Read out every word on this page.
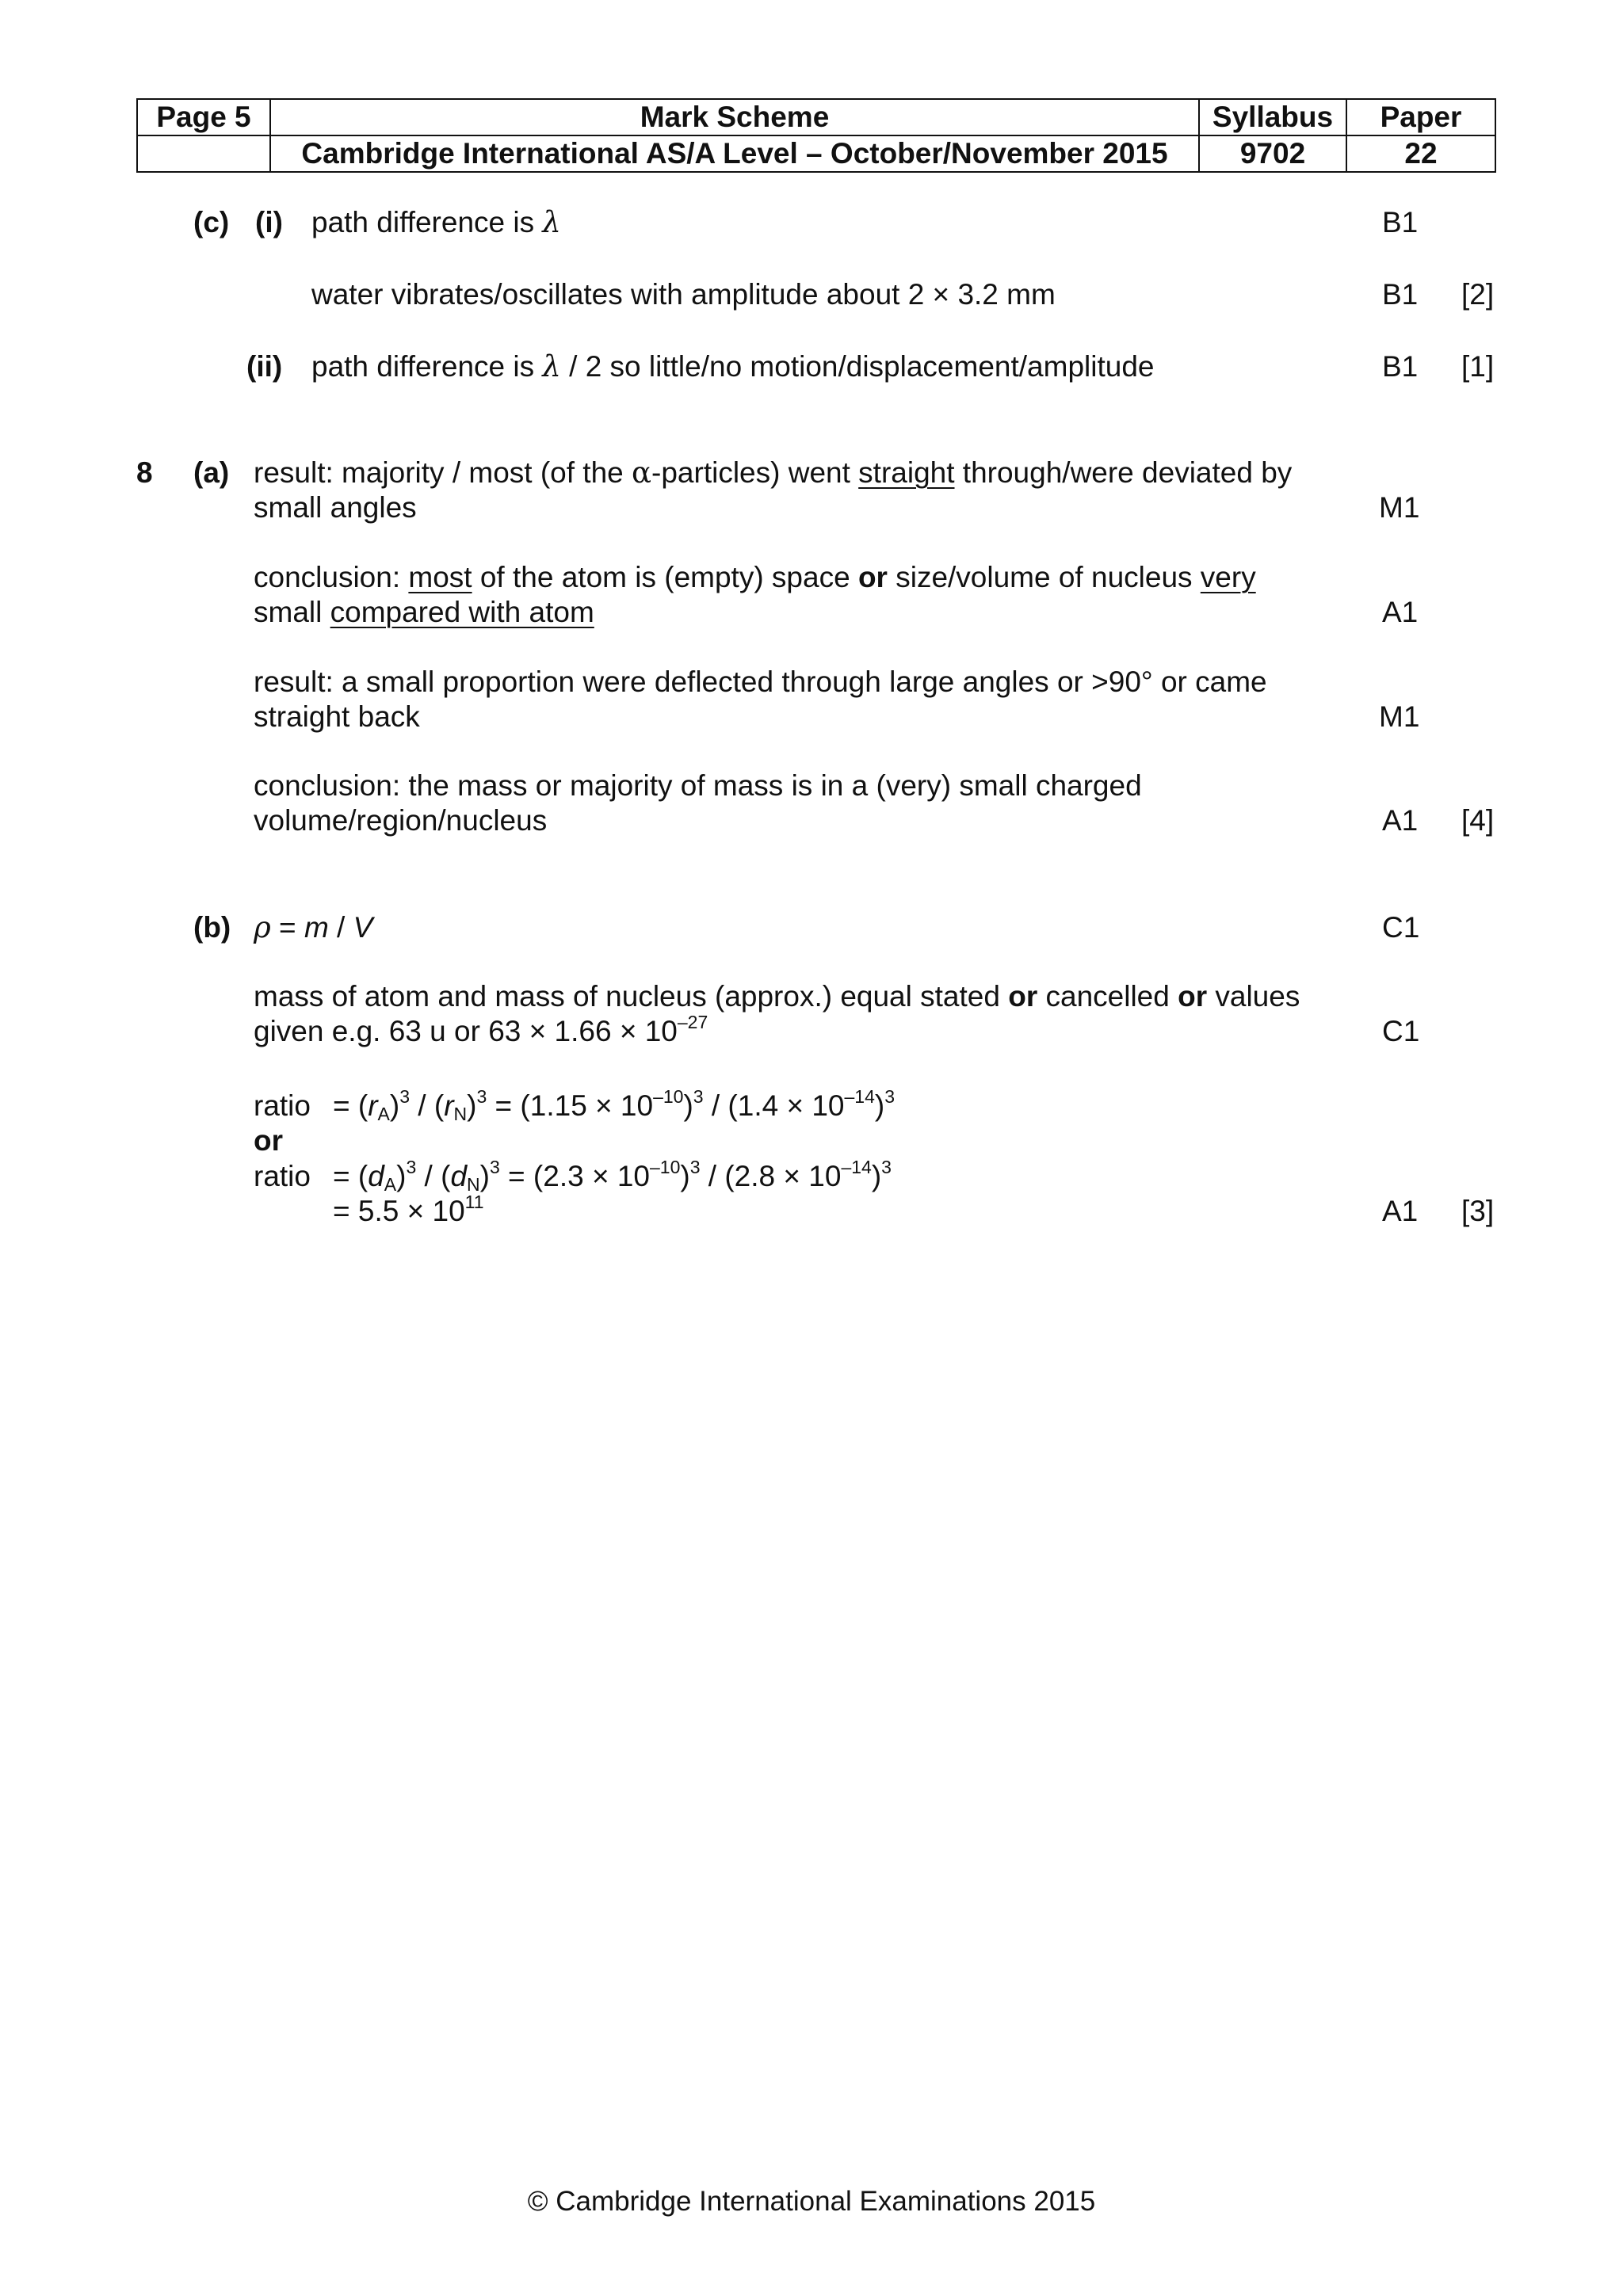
Page 5	Mark Scheme	Syllabus	Paper
	Cambridge International AS/A Level – October/November 2015	9702	22
(c) (i) path difference is λ	B1
water vibrates/oscillates with amplitude about 2 × 3.2 mm	B1 [2]
(ii) path difference is λ / 2 so little/no motion/displacement/amplitude	B1 [1]
8 (a) result: majority / most (of the α-particles) went straight through/were deviated by
small angles	M1
conclusion: most of the atom is (empty) space or size/volume of nucleus very
small compared with atom	A1
result: a small proportion were deflected through large angles or >90° or came
straight back	M1
conclusion: the mass or majority of mass is in a (very) small charged
volume/region/nucleus	A1 [4]
(b) ρ = m / V	C1
mass of atom and mass of nucleus (approx.) equal stated or cancelled or values
given e.g. 63 u or $63 \times 1.66 \times 10^{-27}$	C1
ratio = $(r_A)^3 / (r_N)^3 = (1.15 \times 10^{-10})^3 / (1.4 \times 10^{-14})^3$
or
ratio = $(d_A)^3 / (d_N)^3 = (2.3 \times 10^{-10})^3 / (2.8 \times 10^{-14})^3$
= $5.5 \times 10^{11}$	A1 [3]
© Cambridge International Examinations 2015
